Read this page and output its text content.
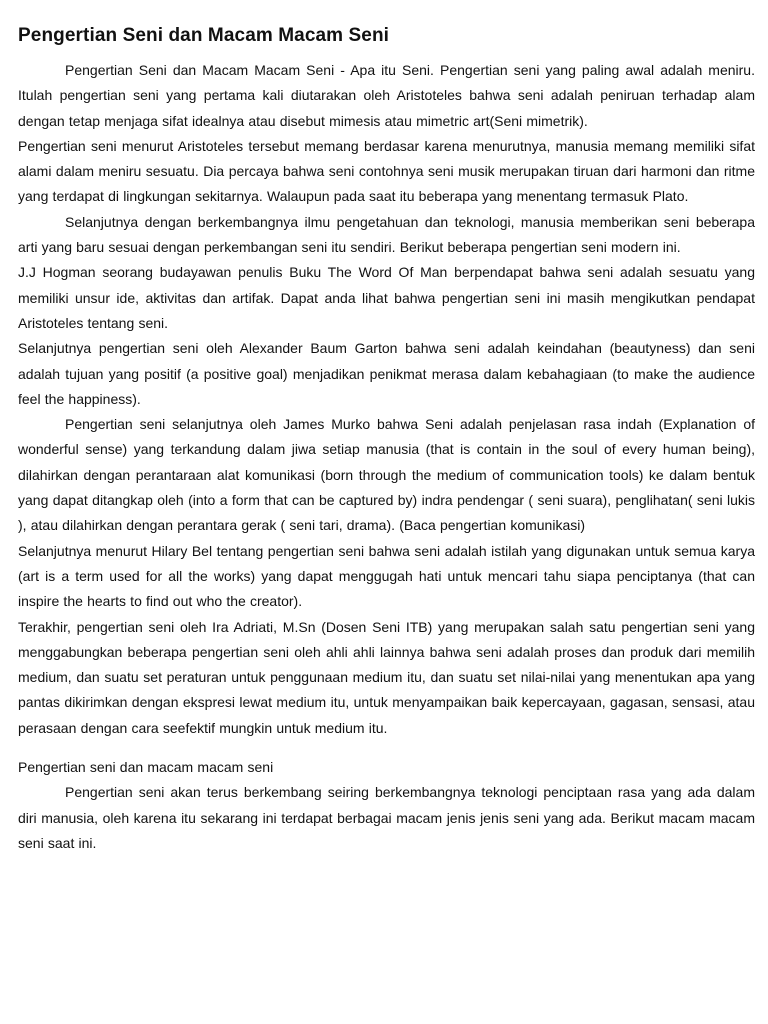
Pengertian Seni dan Macam Macam Seni

Pengertian Seni dan Macam Macam Seni - Apa itu Seni. Pengertian seni yang paling awal adalah meniru. Itulah pengertian seni yang pertama kali diutarakan oleh Aristoteles bahwa seni adalah peniruan terhadap alam dengan tetap menjaga sifat idealnya atau disebut mimesis atau mimetric art(Seni mimetrik).

Pengertian seni menurut Aristoteles tersebut memang berdasar karena menurutnya, manusia memang memiliki sifat alami dalam meniru sesuatu. Dia percaya bahwa seni contohnya seni musik merupakan tiruan dari harmoni dan ritme yang terdapat di lingkungan sekitarnya. Walaupun pada saat itu beberapa yang menentang termasuk Plato.

Selanjutnya dengan berkembangnya ilmu pengetahuan dan teknologi, manusia memberikan seni beberapa arti yang baru sesuai dengan perkembangan seni itu sendiri. Berikut beberapa pengertian seni modern ini.

J.J Hogman seorang budayawan penulis Buku The Word Of Man berpendapat bahwa seni adalah sesuatu yang memiliki unsur ide, aktivitas dan artifak. Dapat anda lihat bahwa pengertian seni ini masih mengikutkan pendapat Aristoteles tentang seni.

Selanjutnya pengertian seni oleh Alexander Baum Garton bahwa seni adalah keindahan (beautyness) dan seni adalah tujuan yang positif (a positive goal) menjadikan penikmat merasa dalam kebahagiaan (to make the audience feel the happiness).

Pengertian seni selanjutnya oleh James Murko bahwa Seni adalah penjelasan rasa indah (Explanation of wonderful sense) yang terkandung dalam jiwa setiap manusia (that is contain in the soul of every human being), dilahirkan dengan perantaraan alat komunikasi (born through the medium of communication tools) ke dalam bentuk yang dapat ditangkap oleh (into a form that can be captured by) indra pendengar ( seni suara), penglihatan( seni lukis ), atau dilahirkan dengan perantara gerak ( seni tari, drama). (Baca pengertian komunikasi)

Selanjutnya menurut Hilary Bel tentang pengertian seni bahwa seni adalah istilah yang digunakan untuk semua karya (art is a term used for all the works) yang dapat menggugah hati untuk mencari tahu siapa penciptanya (that can inspire the hearts to find out who the creator).

Terakhir, pengertian seni oleh Ira Adriati, M.Sn (Dosen Seni ITB) yang merupakan salah satu pengertian seni yang menggabungkan beberapa pengertian seni oleh ahli ahli lainnya bahwa seni adalah proses dan produk dari memilih medium, dan suatu set peraturan untuk penggunaan medium itu, dan suatu set nilai-nilai yang menentukan apa yang pantas dikirimkan dengan ekspresi lewat medium itu, untuk menyampaikan baik kepercayaan, gagasan, sensasi, atau perasaan dengan cara seefektif mungkin untuk medium itu.

Pengertian seni dan macam macam seni

Pengertian seni akan terus berkembang seiring berkembangnya teknologi penciptaan rasa yang ada dalam diri manusia, oleh karena itu sekarang ini terdapat berbagai macam jenis jenis seni yang ada. Berikut macam macam seni saat ini.
